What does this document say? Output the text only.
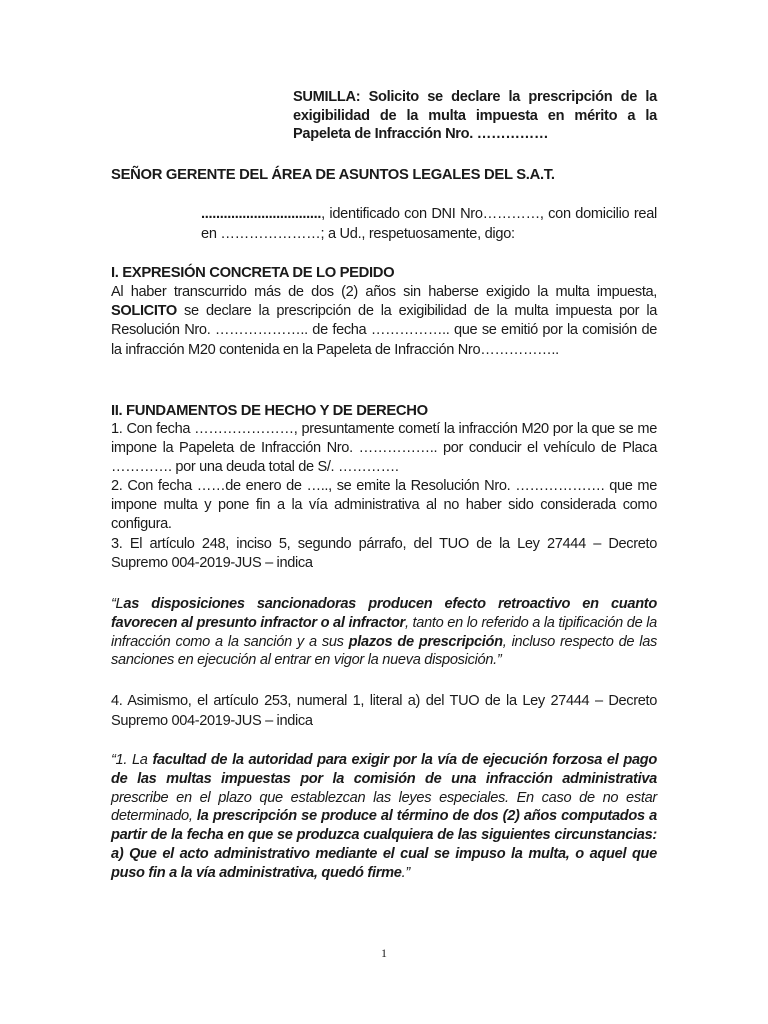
SUMILLA: Solicito se declare la prescripción de la exigibilidad de la multa impuesta en mérito a la Papeleta de Infracción Nro. ……………

SEÑOR GERENTE DEL ÁREA DE ASUNTOS LEGALES DEL S.A.T.

................................, identificado con DNI Nro…………, con domicilio real en …………………; a Ud., respetuosamente, digo:

I. EXPRESIÓN CONCRETA DE LO PEDIDO

Al haber transcurrido más de dos (2) años sin haberse exigido la multa impuesta, SOLICITO se declare la prescripción de la exigibilidad de la multa impuesta por la Resolución Nro. ……………….. de fecha …………….. que se emitió por la comisión de la infracción M20 contenida en la Papeleta de Infracción Nro……………..

II. FUNDAMENTOS DE HECHO Y DE DERECHO

1. Con fecha …………………, presuntamente cometí la infracción M20 por la que se me impone la Papeleta de Infracción Nro. …………….. por conducir el vehículo de Placa …………. por una deuda total de S/. ………….

2. Con fecha ……de enero de ….., se emite la Resolución Nro. ………………. que me impone multa y pone fin a la vía administrativa al no haber sido considerada como configura.

3. El artículo 248, inciso 5, segundo párrafo, del TUO de la Ley 27444 – Decreto Supremo 004-2019-JUS – indica

“Las disposiciones sancionadoras producen efecto retroactivo en cuanto favorecen al presunto infractor o al infractor, tanto en lo referido a la tipificación de la infracción como a la sanción y a sus plazos de prescripción, incluso respecto de las sanciones en ejecución al entrar en vigor la nueva disposición.”

4. Asimismo, el artículo 253, numeral 1, literal a) del TUO de la Ley 27444 – Decreto Supremo 004-2019-JUS – indica

“1. La facultad de la autoridad para exigir por la vía de ejecución forzosa el pago de las multas impuestas por la comisión de una infracción administrativa prescribe en el plazo que establezcan las leyes especiales. En caso de no estar determinado, la prescripción se produce al término de dos (2) años computados a partir de la fecha en que se produzca cualquiera de las siguientes circunstancias: a) Que el acto administrativo mediante el cual se impuso la multa, o aquel que puso fin a la vía administrativa, quedó firme.”

1
